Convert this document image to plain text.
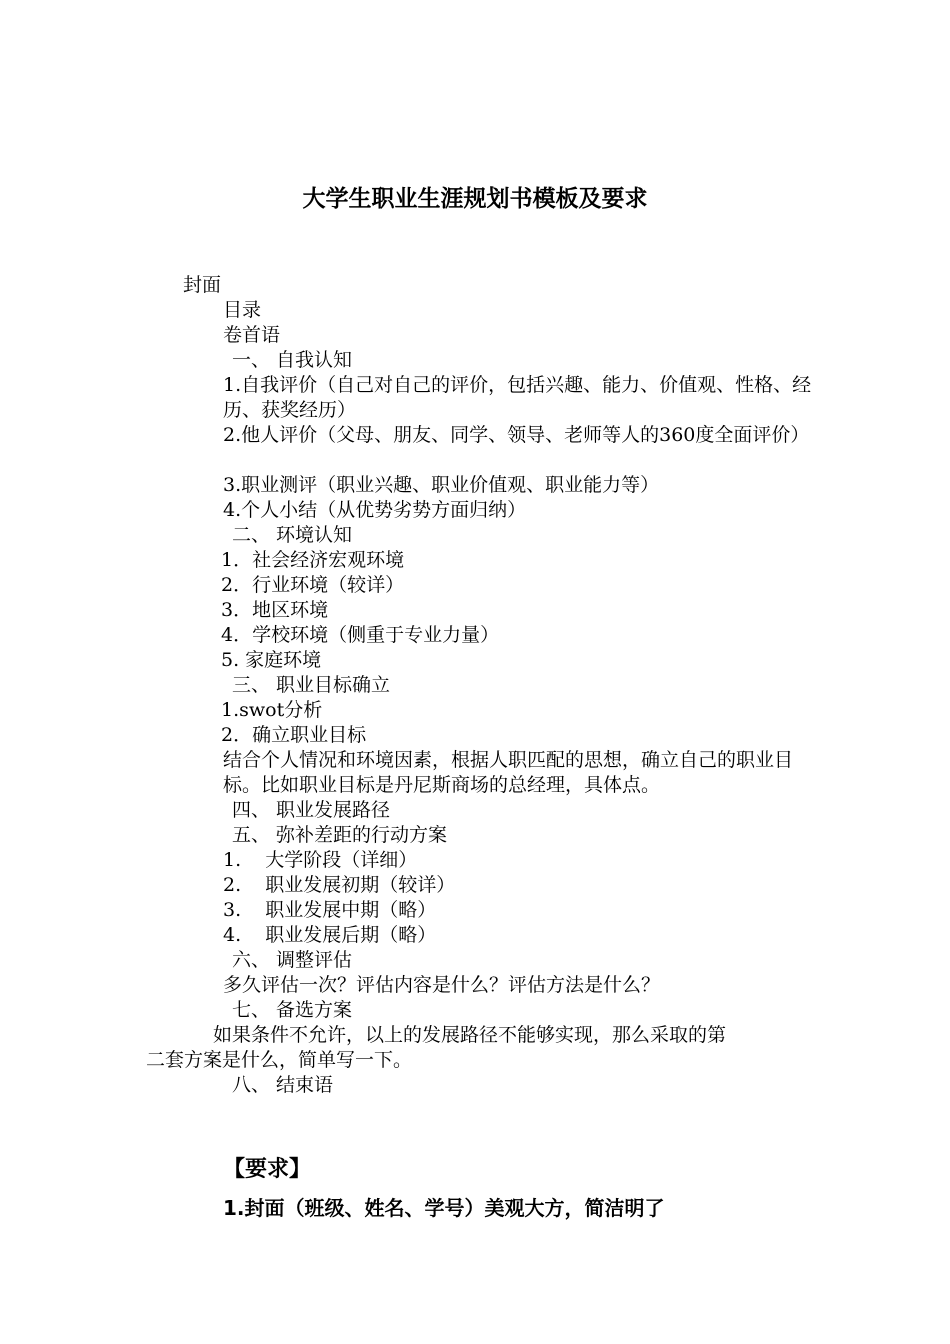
大学生职业生涯规划书模板及要求
封面
目录
卷首语
一、 自我认知
1.自我评价（自己对自己的评价，包括兴趣、能力、价值观、性格、经历、获奖经历）
2.他人评价（父母、朋友、同学、领导、老师等人的360度全面评价）
3.职业测评（职业兴趣、职业价值观、职业能力等）
4.个人小结（从优势劣势方面归纳）
二、 环境认知
1．社会经济宏观环境
2．行业环境（较详）
3．地区环境
4．学校环境（侧重于专业力量）
5. 家庭环境
三、 职业目标确立
1.swot分析
2．确立职业目标
结合个人情况和环境因素，根据人职匹配的思想，确立自己的职业目标。比如职业目标是丹尼斯商场的总经理，具体点。
四、 职业发展路径
五、 弥补差距的行动方案
1.    大学阶段（详细）
2.    职业发展初期（较详）
3.    职业发展中期（略）
4.    职业发展后期（略）
六、 调整评估
多久评估一次？评估内容是什么？评估方法是什么？
七、 备选方案
如果条件不允许，以上的发展路径不能够实现，那么采取的第
二套方案是什么，简单写一下。
八、 结束语
【要求】
1.封面（班级、姓名、学号）美观大方，简洁明了
